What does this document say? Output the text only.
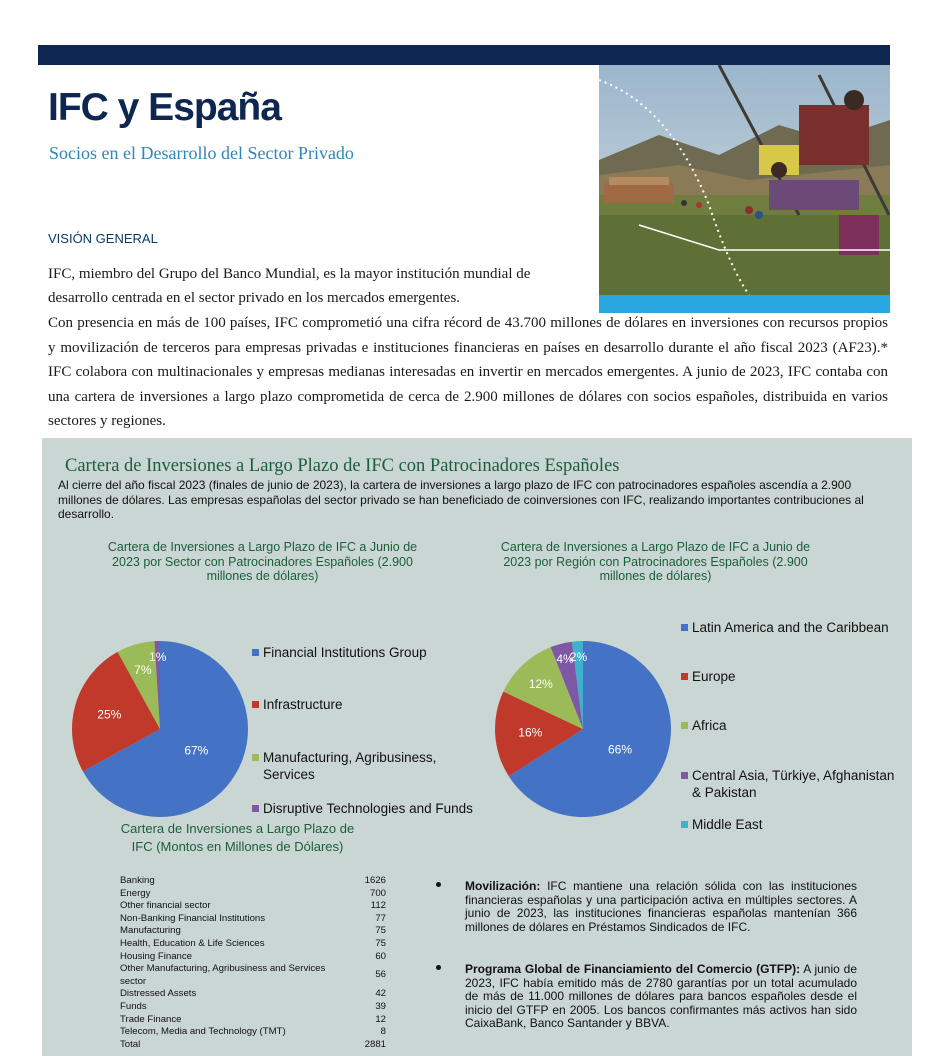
IFC y España
Socios en el Desarrollo del Sector Privado
VISIÓN GENERAL
IFC, miembro del Grupo del Banco Mundial, es la mayor institución mundial de desarrollo centrada en el sector privado en los mercados emergentes.
Con presencia en más de 100 países, IFC comprometió una cifra récord de 43.700 millones de dólares en inversiones con recursos propios y movilización de terceros para empresas privadas e instituciones financieras en países en desarrollo durante el año fiscal 2023 (AF23).* IFC colabora con multinacionales y empresas medianas interesadas en invertir en mercados emergentes. A junio de 2023, IFC contaba con una cartera de inversiones a largo plazo comprometida de cerca de 2.900 millones de dólares con socios españoles, distribuida en varios sectores y regiones.
Cartera de Inversiones a Largo Plazo de IFC con Patrocinadores Españoles
Al cierre del año fiscal 2023 (finales de junio de 2023), la cartera de inversiones a largo plazo de IFC con patrocinadores españoles ascendía a 2.900 millones de dólares. Las empresas españolas del sector privado se han beneficiado de coinversiones con IFC, realizando importantes contribuciones al desarrollo.
Cartera de Inversiones a Largo Plazo de IFC a Junio de 2023 por Sector con Patrocinadores Españoles (2.900 millones de dólares)
Cartera de Inversiones a Largo Plazo de IFC a Junio de 2023 por Región con Patrocinadores Españoles (2.900 millones de dólares)
67%
25%
7%
1%
66%
16%
12%
4%
2%
Financial Institutions Group
Infrastructure
Manufacturing, Agribusiness, Services
Disruptive Technologies and Funds
Latin America and the Caribbean
Europe
Africa
Central Asia, Türkiye, Afghanistan & Pakistan
Middle East
Cartera de Inversiones a Largo Plazo de IFC (Montos en Millones de Dólares)
Banking	1626
Energy	700
Other financial sector	112
Non-Banking Financial Institutions	77
Manufacturing	75
Health, Education & Life Sciences	75
Housing Finance	60
Other Manufacturing, Agribusiness and Services sector
56
Distressed Assets	42
Funds	39
Trade Finance	12
Telecom, Media and Technology (TMT)	8
Total	2881
Movilización: IFC mantiene una relación sólida con las instituciones financieras españolas y una participación activa en múltiples sectores. A junio de 2023, las instituciones financieras españolas mantenían 366 millones de dólares en Préstamos Sindicados de IFC.
Programa Global de Financiamiento del Comercio (GTFP): A junio de 2023, IFC había emitido más de 2780 garantías por un total acumulado de más de 11.000 millones de dólares para bancos españoles desde el inicio del GTFP en 2005. Los bancos confirmantes más activos han sido CaixaBank, Banco Santander y BBVA.
